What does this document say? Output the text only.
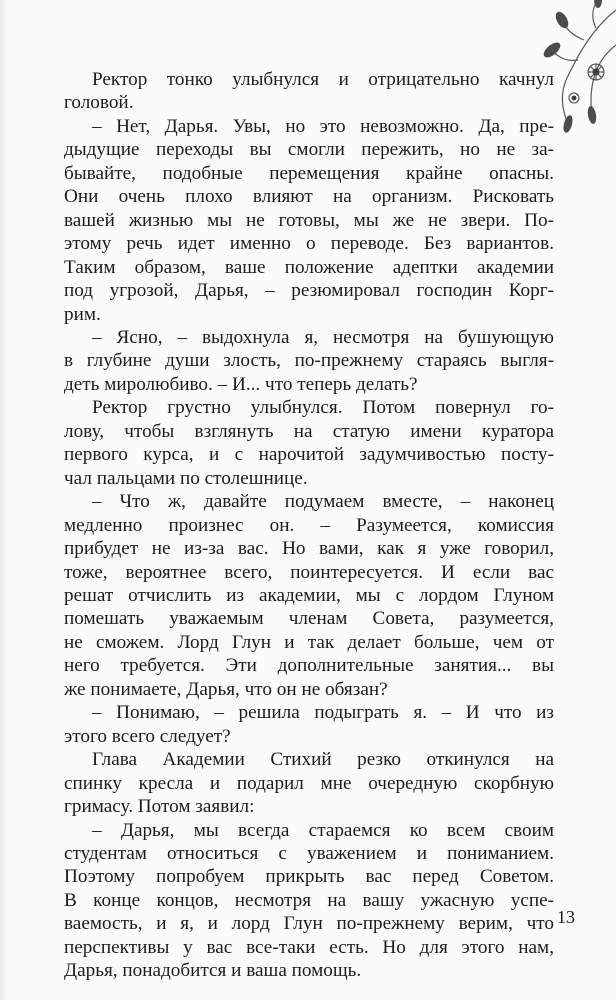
Ректор тонко улыбнулся и отрицательно качнул
головой.

– Нет, Дарья. Увы, но это невозможно. Да, пре-
дыдущие переходы вы смогли пережить, но не за-
бывайте, подобные перемещения крайне опасны.
Они очень плохо влияют на организм. Рисковать
вашей жизнью мы не готовы, мы же не звери. По-
этому речь идет именно о переводе. Без вариантов.
Таким образом, ваше положение адептки академии
под угрозой, Дарья, – резюмировал господин Корг-
рим.

– Ясно, – выдохнула я, несмотря на бушующую
в глубине души злость, по-прежнему стараясь выгля-
деть миролюбиво. – И... что теперь делать?

Ректор грустно улыбнулся. Потом повернул го-
лову, чтобы взглянуть на статую имени куратора
первого курса, и с нарочитой задумчивостью посту-
чал пальцами по столешнице.

– Что ж, давайте подумаем вместе, – наконец
медленно произнес он. – Разумеется, комиссия
прибудет не из-за вас. Но вами, как я уже говорил,
тоже, вероятнее всего, поинтересуется. И если вас
решат отчислить из академии, мы с лордом Глуном
помешать уважаемым членам Совета, разумеется,
не сможем. Лорд Глун и так делает больше, чем от
него требуется. Эти дополнительные занятия... вы
же понимаете, Дарья, что он не обязан?

– Понимаю, – решила подыграть я. – И что из
этого всего следует?

Глава Академии Стихий резко откинулся на
спинку кресла и подарил мне очередную скорбную
гримасу. Потом заявил:

– Дарья, мы всегда стараемся ко всем своим
студентам относиться с уважением и пониманием.
Поэтому попробуем прикрыть вас перед Советом.
В конце концов, несмотря на вашу ужасную успе-
ваемость, и я, и лорд Глун по-прежнему верим, что
перспективы у вас все-таки есть. Но для этого нам,
Дарья, понадобится и ваша помощь.

13
